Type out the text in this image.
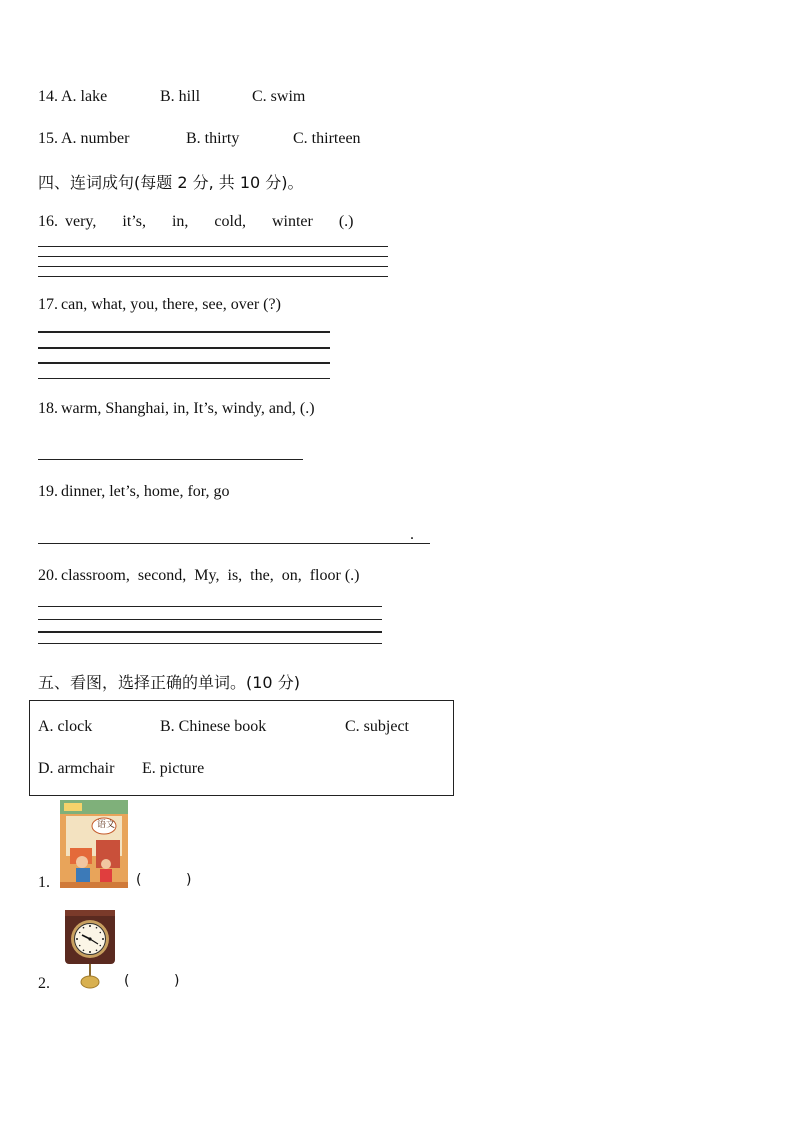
14. A. lake	B. hill	C. swim
15. A. number	B. thirty	C. thirteen
四、连词成句(每题 2 分, 共 10 分)。
16. very, it’s, in, cold, winter (.)
17. can, what, you, there, see, over (?)
18. warm, Shanghai, in, It’s, windy, and, (.)
19. dinner, let’s, home, for, go
.
20. classroom,  second,  My,  is,  the,  on,  floor (.)
五、看图，选择正确的单词。(10 分)
A. clock	B. Chinese book	C. subject
D. armchair E. picture
1.
语文
(          )
2.	(          )
